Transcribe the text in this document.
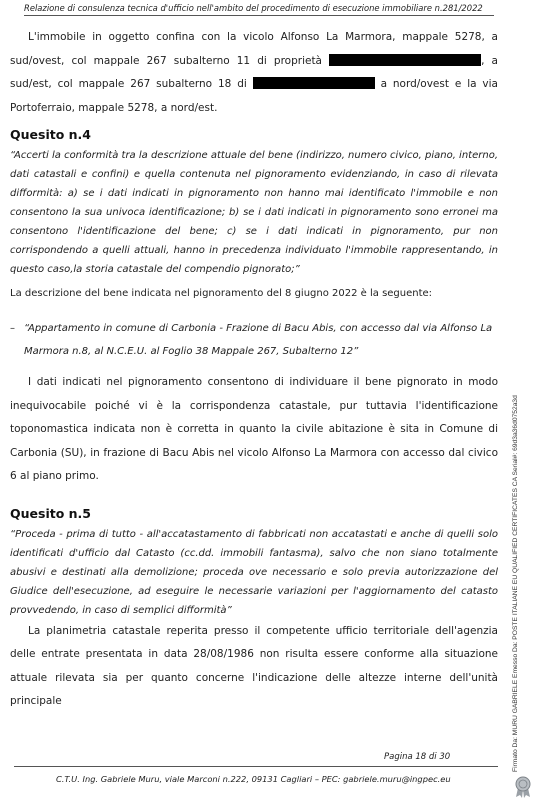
Relazione di consulenza tecnica d'ufficio nell'ambito del procedimento di esecuzione immobiliare n.281/2022

L'immobile in oggetto confina con la vicolo Alfonso La Marmora, mappale 5278, a sud/ovest, col mappale 267 subalterno 11 di proprietà	, a sud/est, col mappale 267 subalterno 18 di	a nord/ovest e la via Portoferraio, mappale 5278, a nord/est.

Quesito n.4

“Accerti la conformità tra la descrizione attuale del bene (indirizzo, numero civico, piano, interno, dati catastali e confini) e quella contenuta nel pignoramento evidenziando, in caso di rilevata difformità: a) se i dati indicati in pignoramento non hanno mai identificato l'immobile e non consentono la sua univoca identificazione; b) se i dati indicati in pignoramento sono erronei ma consentono l'identificazione del bene; c) se i dati indicati in pignoramento, pur non corrispondendo a quelli attuali, hanno in precedenza individuato l'immobile rappresentando, in questo caso,la storia catastale del compendio pignorato;”

La descrizione del bene indicata nel pignoramento del 8 giugno 2022 è la seguente:

– “Appartamento in comune di Carbonia - Frazione di Bacu Abis, con accesso dal via Alfonso La Marmora n.8, al N.C.E.U. al Foglio 38 Mappale 267, Subalterno 12”

I dati indicati nel pignoramento consentono di individuare il bene pignorato in modo inequivocabile poiché vi è la corrispondenza catastale, pur tuttavia l'identificazione toponomastica indicata non è corretta in quanto la civile abitazione è sita in Comune di Carbonia (SU), in frazione di Bacu Abis nel vicolo Alfonso La Marmora con accesso dal civico 6 al piano primo.

Quesito n.5

“Proceda - prima di tutto - all'accatastamento di fabbricati non accatastati e anche di quelli solo identificati d'ufficio dal Catasto (cc.dd. immobili fantasma), salvo che non siano totalmente abusivi e destinati alla demolizione; proceda ove necessario e solo previa autorizzazione del Giudice dell'esecuzione, ad eseguire le necessarie variazioni per l'aggiornamento del catasto provvedendo, in caso di semplici difformità”

La planimetria catastale reperita presso il competente ufficio territoriale dell'agenzia delle entrate presentata in data 28/08/1986 non risulta essere conforme alla situazione attuale rilevata sia per quanto concerne l'indicazione delle altezze interne dell'unità principale

Pagina 18 di 30
C.T.U. Ing. Gabriele Muru, viale Marconi n.222, 09131 Cagliari – PEC: gabriele.muru@ingpec.eu
Firmato Da: MURU GABRIELE Emesso Da: POSTE ITALIANE EU QUALIFIED CERTIFICATES CA Serial#: 69d3a36d0752a3d
